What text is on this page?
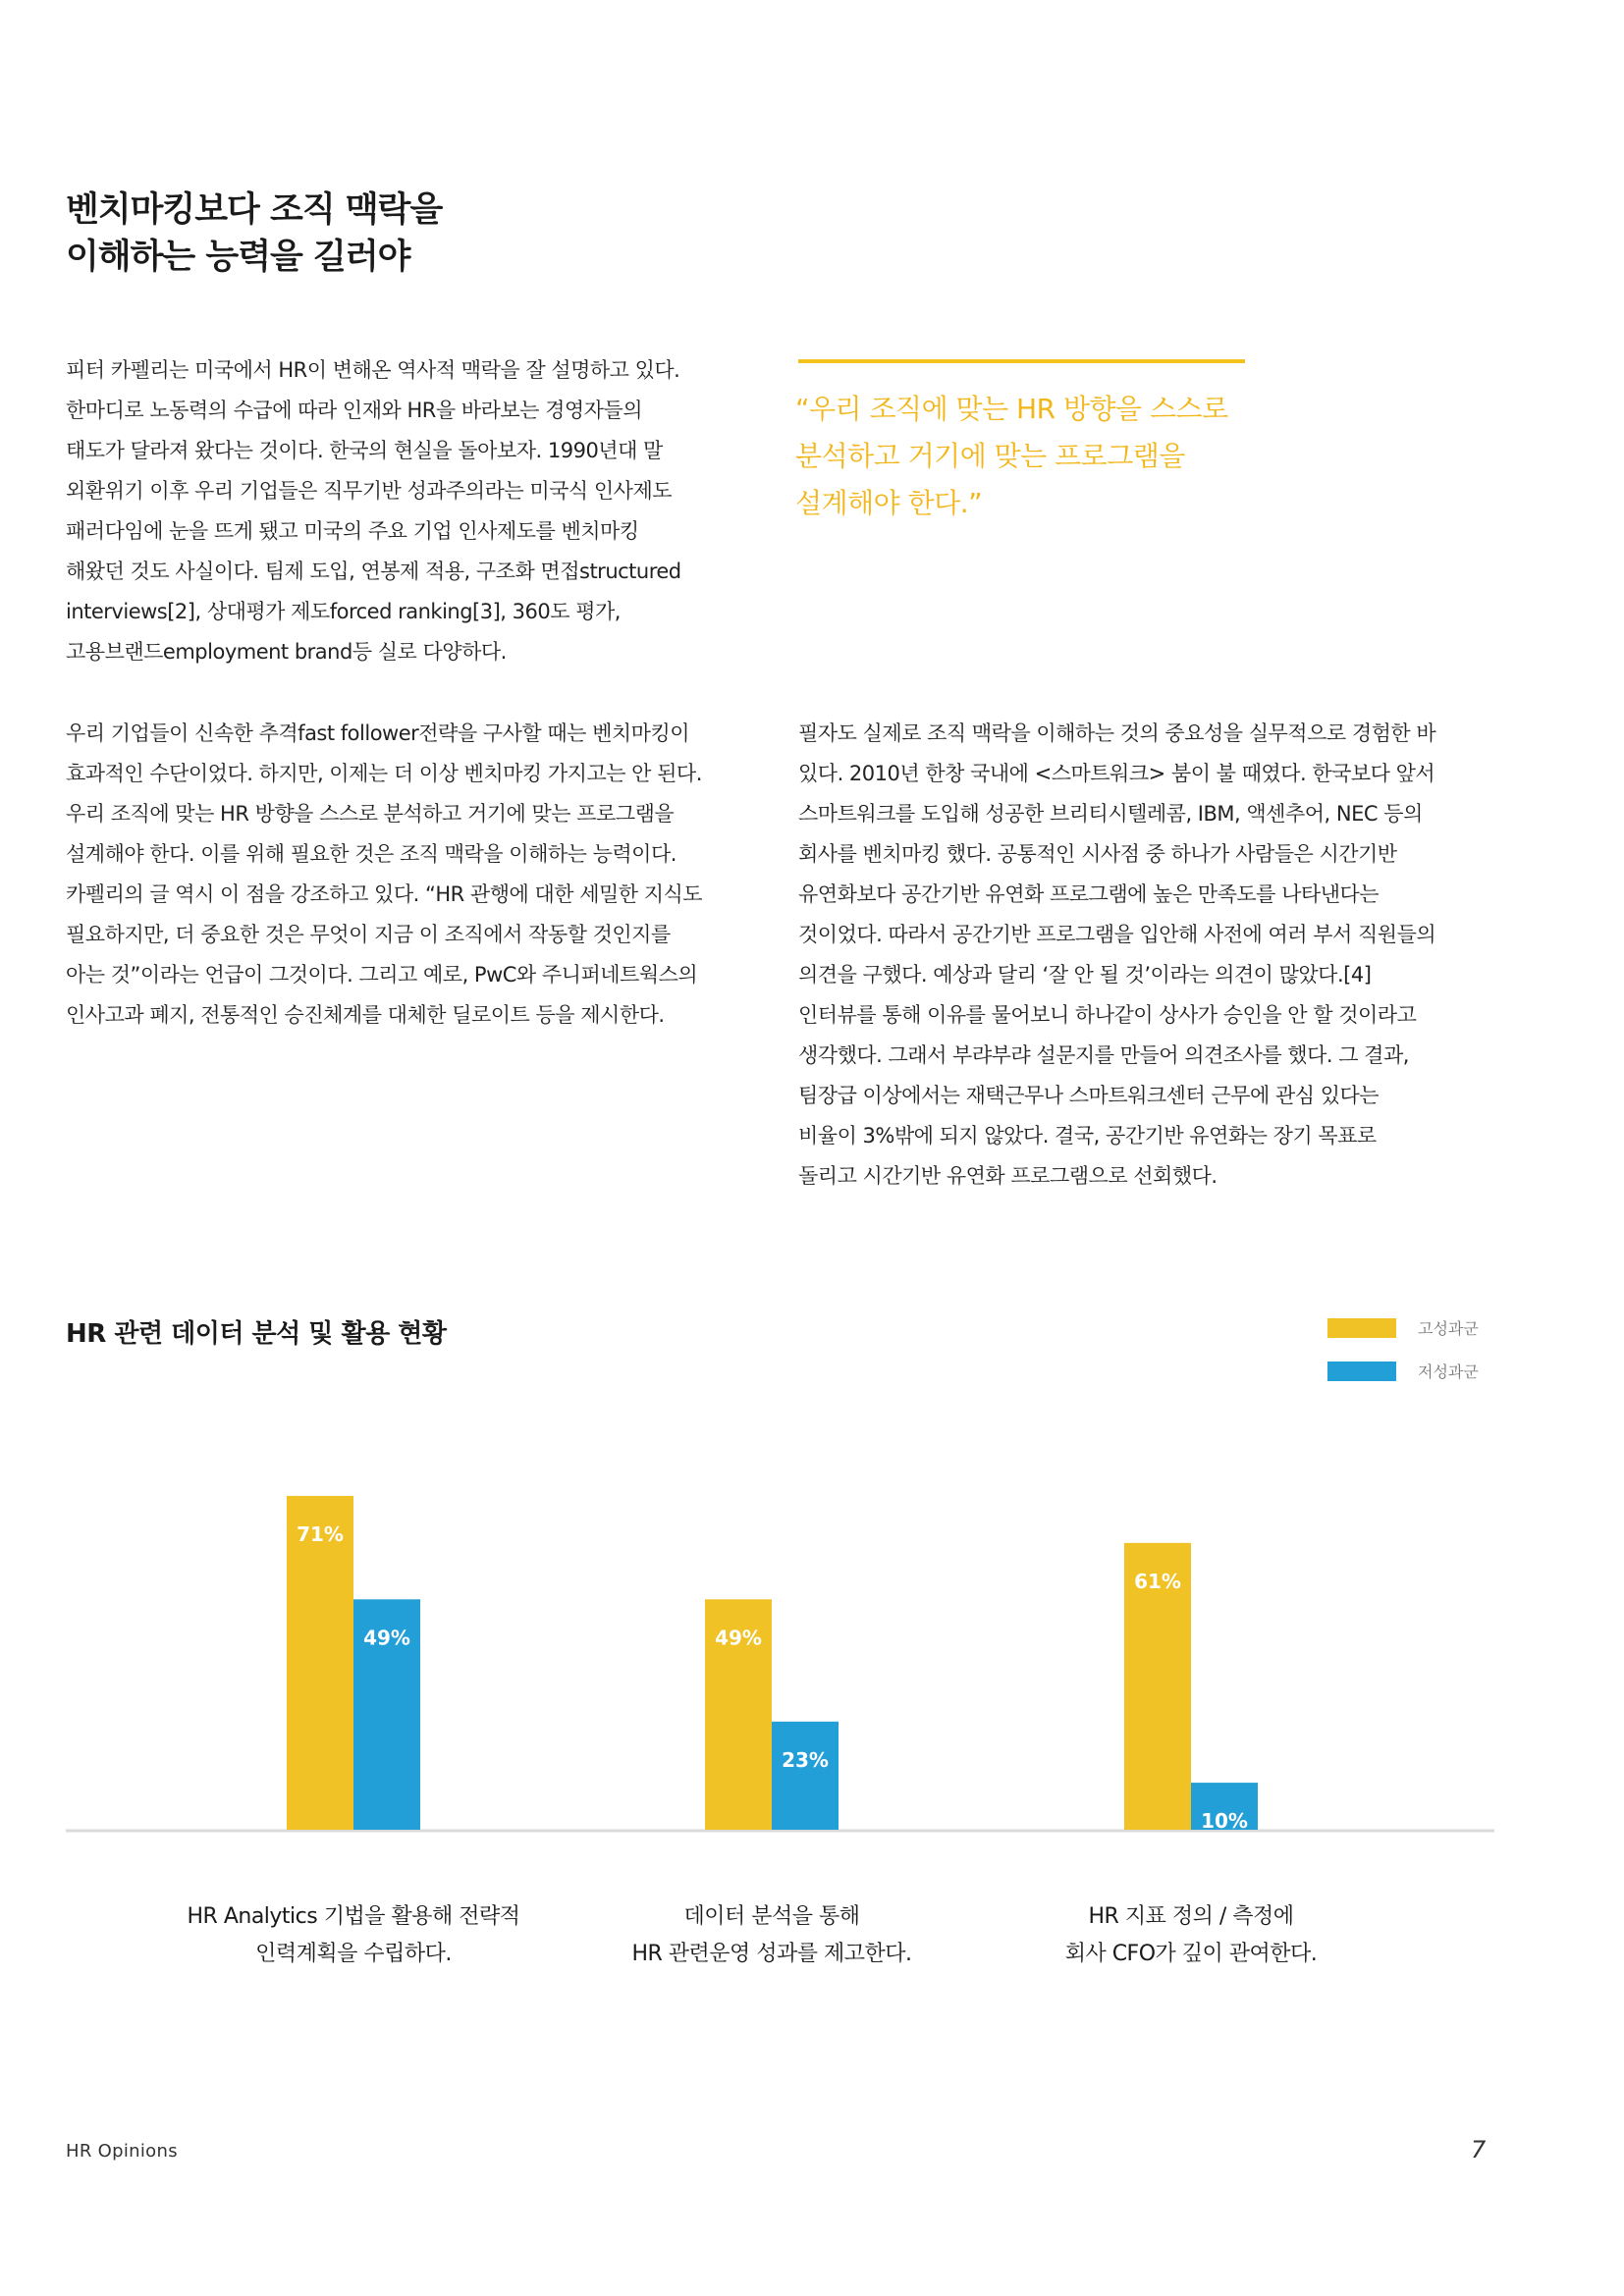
벤치마킹보다 조직 맥락을
이해하는 능력을 길러야
피터 카펠리는 미국에서 HR이 변해온 역사적 맥락을 잘 설명하고 있다.
한마디로 노동력의 수급에 따라 인재와 HR을 바라보는 경영자들의
태도가 달라져 왔다는 것이다. 한국의 현실을 돌아보자. 1990년대 말
외환위기 이후 우리 기업들은 직무기반 성과주의라는 미국식 인사제도
패러다임에 눈을 뜨게 됐고 미국의 주요 기업 인사제도를 벤치마킹
해왔던 것도 사실이다. 팀제 도입, 연봉제 적용, 구조화 면접structured
interviews[2], 상대평가 제도forced ranking[3], 360도 평가,
고용브랜드employment brand등 실로 다양하다.
“우리 조직에 맞는 HR 방향을 스스로
분석하고 거기에 맞는 프로그램을
설계해야 한다.”
우리 기업들이 신속한 추격fast follower전략을 구사할 때는 벤치마킹이
효과적인 수단이었다. 하지만, 이제는 더 이상 벤치마킹 가지고는 안 된다.
우리 조직에 맞는 HR 방향을 스스로 분석하고 거기에 맞는 프로그램을
설계해야 한다. 이를 위해 필요한 것은 조직 맥락을 이해하는 능력이다.
카펠리의 글 역시 이 점을 강조하고 있다. “HR 관행에 대한 세밀한 지식도
필요하지만, 더 중요한 것은 무엇이 지금 이 조직에서 작동할 것인지를
아는 것”이라는 언급이 그것이다. 그리고 예로, PwC와 주니퍼네트웍스의
인사고과 폐지, 전통적인 승진체계를 대체한 딜로이트 등을 제시한다.
필자도 실제로 조직 맥락을 이해하는 것의 중요성을 실무적으로 경험한 바
있다. 2010년 한창 국내에 <스마트워크> 붐이 불 때였다. 한국보다 앞서
스마트워크를 도입해 성공한 브리티시텔레콤, IBM, 액센추어, NEC 등의
회사를 벤치마킹 했다. 공통적인 시사점 중 하나가 사람들은 시간기반
유연화보다 공간기반 유연화 프로그램에 높은 만족도를 나타낸다는
것이었다. 따라서 공간기반 프로그램을 입안해 사전에 여러 부서 직원들의
의견을 구했다. 예상과 달리 ‘잘 안 될 것’이라는 의견이 많았다.[4]
인터뷰를 통해 이유를 물어보니 하나같이 상사가 승인을 안 할 것이라고
생각했다. 그래서 부랴부랴 설문지를 만들어 의견조사를 했다. 그 결과,
팀장급 이상에서는 재택근무나 스마트워크센터 근무에 관심 있다는
비율이 3%밖에 되지 않았다. 결국, 공간기반 유연화는 장기 목표로
돌리고 시간기반 유연화 프로그램으로 선회했다.
HR 관련 데이터 분석 및 활용 현황	고성과군
저성과군
71%
49%
61%
49%
23%
10%
HR Analytics 기법을 활용해 전략적
인력계획을 수립하다.
데이터 분석을 통해
HR 관련운영 성과를 제고한다.
HR 지표 정의 / 측정에
회사 CFO가 깊이 관여한다.
HR Opinions	7
